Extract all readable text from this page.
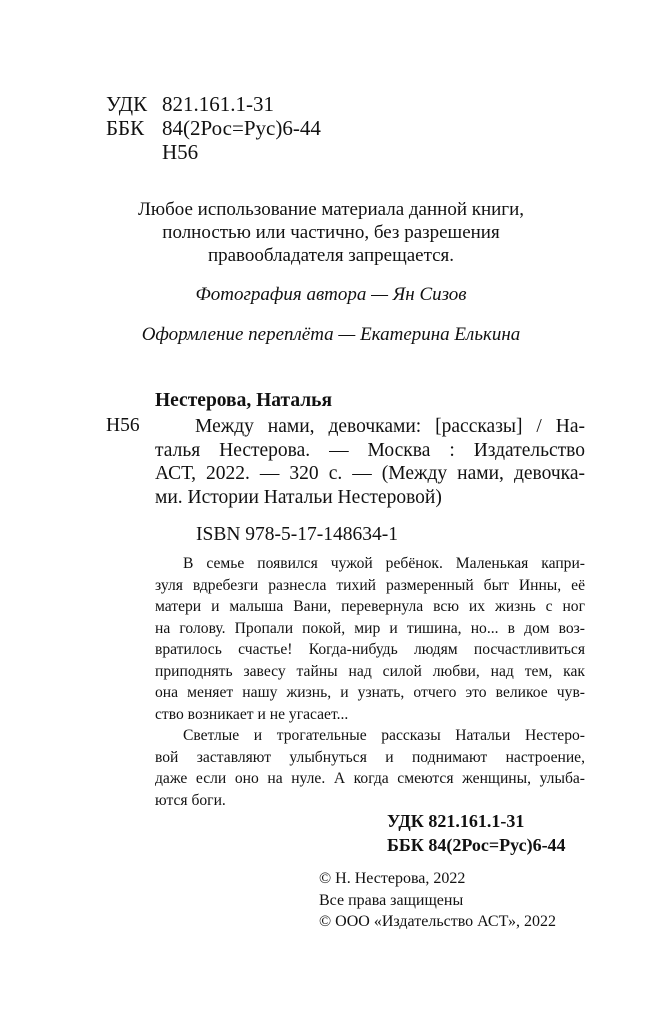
УДК 821.161.1-31
ББК 84(2Рос=Рус)6-44
Н56
Любое использование материала данной книги,
полностью или частично, без разрешения
правообладателя запрещается.
Фотография автора — Ян Сизов
Оформление переплёта — Екатерина Елькина
Нестерова, Наталья
Н56	Между нами, девочками: [рассказы] / На-
талья Нестерова. — Москва : Издательство
АСТ, 2022. — 320 с. — (Между нами, девочка-
ми. Истории Натальи Нестеровой)
ISBN 978-5-17-148634-1
В семье появился чужой ребёнок. Маленькая капри-
зуля вдребезги разнесла тихий размеренный быт Инны, её
матери и малыша Вани, перевернула всю их жизнь с ног
на голову. Пропали покой, мир и тишина, но... в дом воз-
вратилось счастье! Когда-нибудь людям посчастливиться
приподнять завесу тайны над силой любви, над тем, как
она меняет нашу жизнь, и узнать, отчего это великое чув-
ство возникает и не угасает...
Светлые и трогательные рассказы Натальи Нестеро-
вой заставляют улыбнуться и поднимают настроение,
даже если оно на нуле. А когда смеются женщины, улыба-
ются боги.
УДК 821.161.1-31
ББК 84(2Рос=Рус)6-44
© Н. Нестерова, 2022
Все права защищены
© ООО «Издательство АСТ», 2022
